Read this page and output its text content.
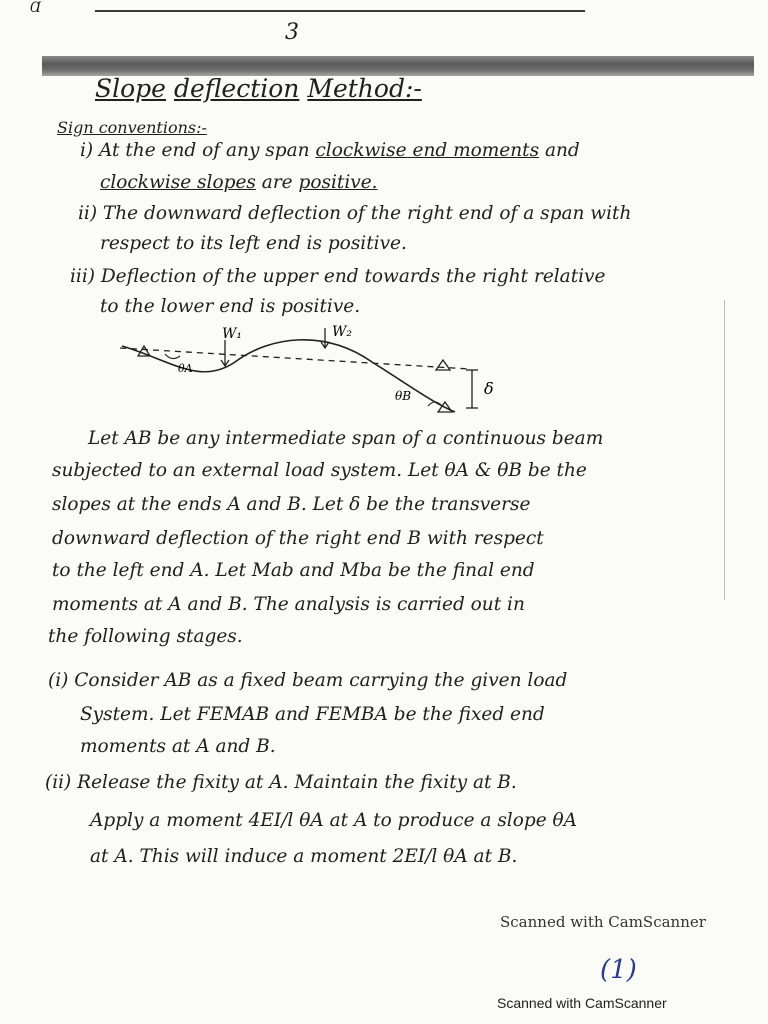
Ɑ
3
Slope deflection Method:-
Sign conventions:-
i) At the end of any span clockwise end moments and
clockwise slopes are positive.
ii) The downward deflection of the right end of a span with
respect to its left end is positive.
iii) Deflection of the upper end towards the right relative
to the lower end is positive.
W₁	W₂
θA
θB	δ
Let AB be any intermediate span of a continuous beam
subjected to an external load system. Let θA & θB be the
slopes at the ends A and B. Let δ be the transverse
downward deflection of the right end B with respect
to the left end A. Let Mab and Mba be the final end
moments at A and B. The analysis is carried out in
the following stages.
(i) Consider AB as a fixed beam carrying the given load
System. Let FEMAB and FEMBA be the fixed end
moments at A and B.
(ii) Release the fixity at A. Maintain the fixity at B.
Apply a moment 4EI/l θA at A to produce a slope θA
at A. This will induce a moment 2EI/l θA at B.
Scanned with CamScanner
(1)
Scanned with CamScanner
